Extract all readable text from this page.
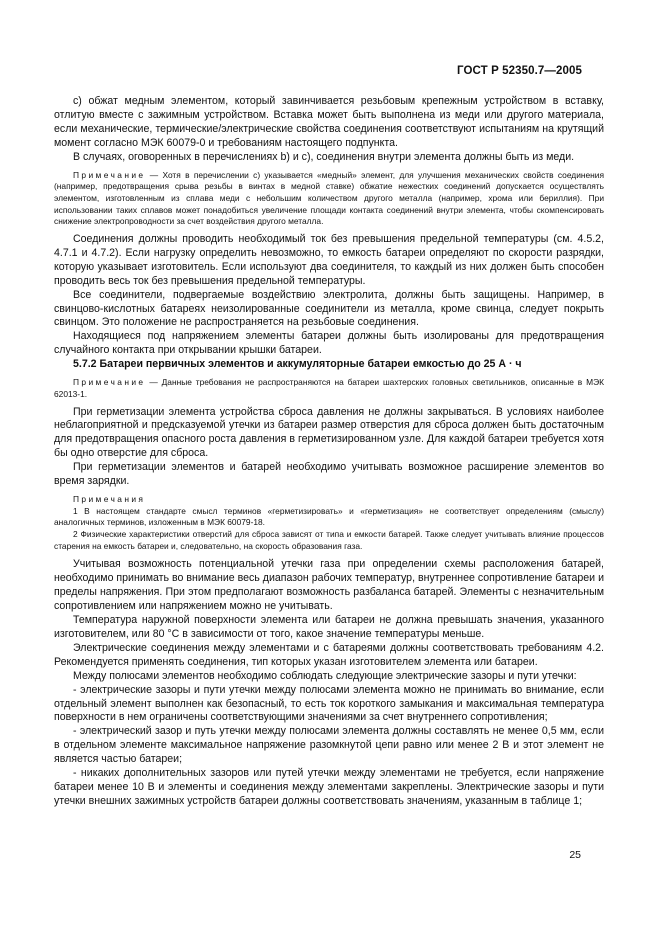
ГОСТ Р 52350.7—2005

c) обжат медным элементом, который завинчивается резьбовым крепежным устройством в вставку, отлитую вместе с зажимным устройством. Вставка может быть выполнена из меди или другого материала, если механические, термические/электрические свойства соединения соответствуют испытаниям на крутящий момент согласно МЭК 60079-0 и требованиям настоящего подпункта.

В случаях, оговоренных в перечислениях b) и c), соединения внутри элемента должны быть из меди.

Примечание — Хотя в перечислении c) указывается «медный» элемент, для улучшения механических свойств соединения (например, предотвращения срыва резьбы в винтах в медной ставке) обжатие нежестких соединений допускается осуществлять элементом, изготовленным из сплава меди с небольшим количеством другого металла (например, хрома или бериллия). При использовании таких сплавов может понадобиться увеличение площади контакта соединений внутри элемента, чтобы скомпенсировать снижение электропроводности за счет воздействия другого металла.

Соединения должны проводить необходимый ток без превышения предельной температуры (см. 4.5.2, 4.7.1 и 4.7.2). Если нагрузку определить невозможно, то емкость батареи определяют по скорости разрядки, которую указывает изготовитель. Если используют два соединителя, то каждый из них должен быть способен проводить весь ток без превышения предельной температуры.

Все соединители, подвергаемые воздействию электролита, должны быть защищены. Например, в свинцово-кислотных батареях неизолированные соединители из металла, кроме свинца, следует покрыть свинцом. Это положение не распространяется на резьбовые соединения.

Находящиеся под напряжением элементы батареи должны быть изолированы для предотвращения случайного контакта при открывании крышки батареи.

5.7.2 Батареи первичных элементов и аккумуляторные батареи емкостью до 25 А · ч

Примечание — Данные требования не распространяются на батареи шахтерских головных светильников, описанные в МЭК 62013-1.

При герметизации элемента устройства сброса давления не должны закрываться. В условиях наиболее неблагоприятной и предсказуемой утечки из батареи размер отверстия для сброса должен быть достаточным для предотвращения опасного роста давления в герметизированном узле. Для каждой батареи требуется хотя бы одно отверстие для сброса.

При герметизации элементов и батарей необходимо учитывать возможное расширение элементов во время зарядки.

Примечания

1 В настоящем стандарте смысл терминов «герметизировать» и «герметизация» не соответствует определениям (смыслу) аналогичных терминов, изложенным в МЭК 60079-18.

2 Физические характеристики отверстий для сброса зависят от типа и емкости батарей. Также следует учитывать влияние процессов старения на емкость батареи и, следовательно, на скорость образования газа.

Учитывая возможность потенциальной утечки газа при определении схемы расположения батарей, необходимо принимать во внимание весь диапазон рабочих температур, внутреннее сопротивление батареи и пределы напряжения. При этом предполагают возможность разбаланса батарей. Элементы с незначительным сопротивлением или напряжением можно не учитывать.

Температура наружной поверхности элемента или батареи не должна превышать значения, указанного изготовителем, или 80 °С в зависимости от того, какое значение температуры меньше.

Электрические соединения между элементами и с батареями должны соответствовать требованиям 4.2. Рекомендуется применять соединения, тип которых указан изготовителем элемента или батареи.

Между полюсами элементов необходимо соблюдать следующие электрические зазоры и пути утечки:

- электрические зазоры и пути утечки между полюсами элемента можно не принимать во внимание, если отдельный элемент выполнен как безопасный, то есть ток короткого замыкания и максимальная температура поверхности в нем ограничены соответствующими значениями за счет внутреннего сопротивления;

- электрический зазор и путь утечки между полюсами элемента должны составлять не менее 0,5 мм, если в отдельном элементе максимальное напряжение разомкнутой цепи равно или менее 2 В и этот элемент не является частью батареи;

- никаких дополнительных зазоров или путей утечки между элементами не требуется, если напряжение батареи менее 10 В и элементы и соединения между элементами закреплены. Электрические зазоры и пути утечки внешних зажимных устройств батареи должны соответствовать значениям, указанным в таблице 1;

25
